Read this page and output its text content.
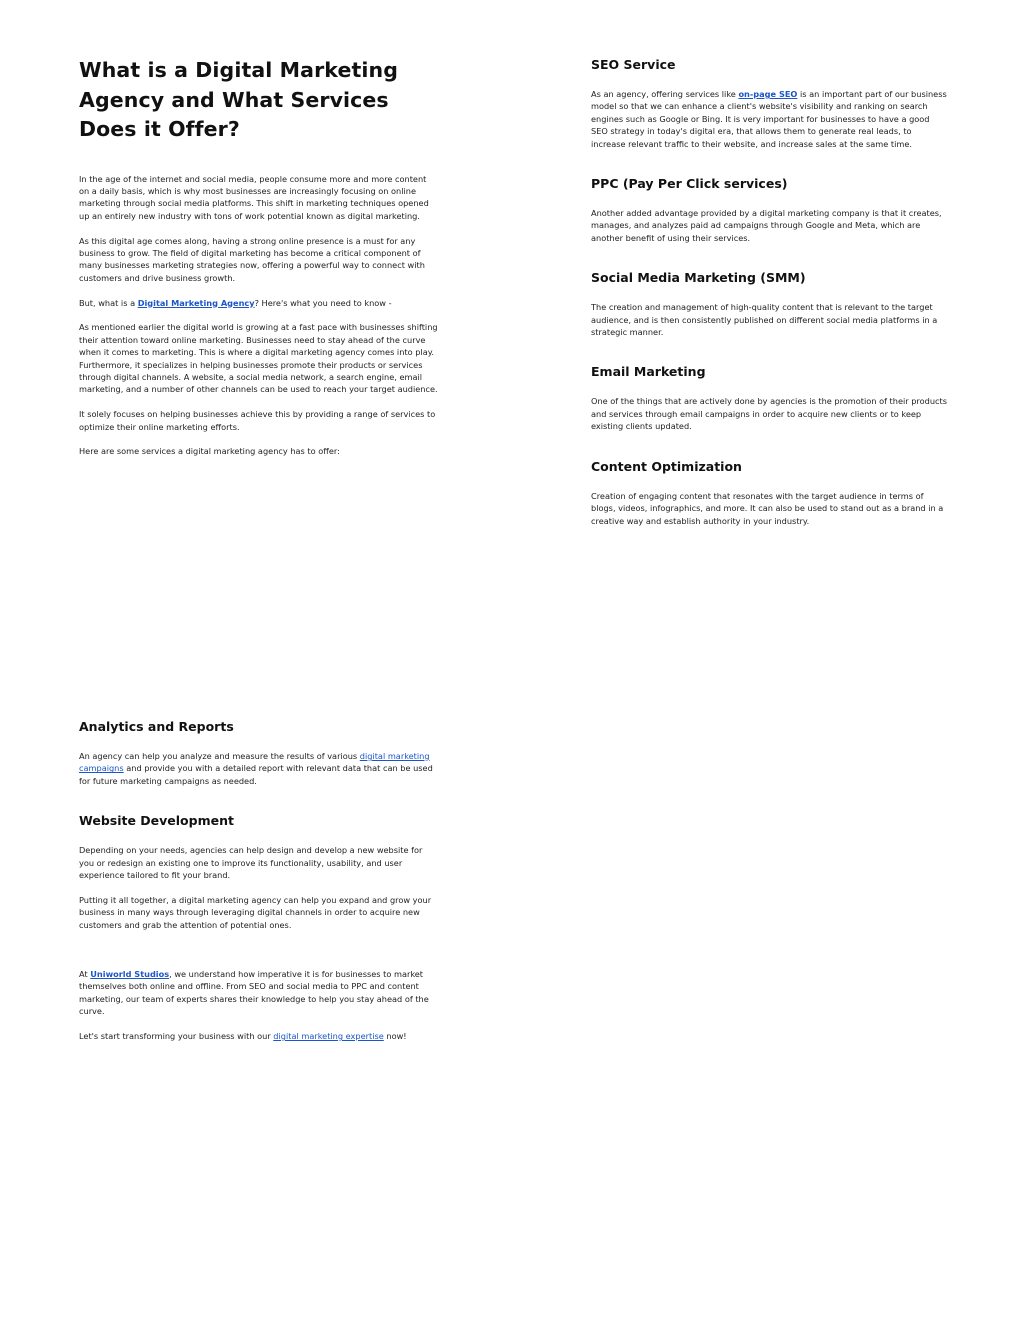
What is a Digital Marketing Agency and What Services Does it Offer?

In the age of the internet and social media, people consume more and more content on a daily basis, which is why most businesses are increasingly focusing on online marketing through social media platforms. This shift in marketing techniques opened up an entirely new industry with tons of work potential known as digital marketing.

As this digital age comes along, having a strong online presence is a must for any business to grow. The field of digital marketing has become a critical component of many businesses marketing strategies now, offering a powerful way to connect with customers and drive business growth.

But, what is a Digital Marketing Agency? Here's what you need to know -

As mentioned earlier the digital world is growing at a fast pace with businesses shifting their attention toward online marketing. Businesses need to stay ahead of the curve when it comes to marketing. This is where a digital marketing agency comes into play. Furthermore, it specializes in helping businesses promote their products or services through digital channels. A website, a social media network, a search engine, email marketing, and a number of other channels can be used to reach your target audience.

It solely focuses on helping businesses achieve this by providing a range of services to optimize their online marketing efforts.

Here are some services a digital marketing agency has to offer:

SEO Service

As an agency, offering services like on-page SEO is an important part of our business model so that we can enhance a client's website's visibility and ranking on search engines such as Google or Bing. It is very important for businesses to have a good SEO strategy in today's digital era, that allows them to generate real leads, to increase relevant traffic to their website, and increase sales at the same time.

PPC (Pay Per Click services)

Another added advantage provided by a digital marketing company is that it creates, manages, and analyzes paid ad campaigns through Google and Meta, which are another benefit of using their services.

Social Media Marketing (SMM)

The creation and management of high-quality content that is relevant to the target audience, and is then consistently published on different social media platforms in a strategic manner.

Email Marketing

One of the things that are actively done by agencies is the promotion of their products and services through email campaigns in order to acquire new clients or to keep existing clients updated.

Content Optimization

Creation of engaging content that resonates with the target audience in terms of blogs, videos, infographics, and more. It can also be used to stand out as a brand in a creative way and establish authority in your industry.

Analytics and Reports

An agency can help you analyze and measure the results of various digital marketing campaigns and provide you with a detailed report with relevant data that can be used for future marketing campaigns as needed.

Website Development

Depending on your needs, agencies can help design and develop a new website for you or redesign an existing one to improve its functionality, usability, and user experience tailored to fit your brand.

Putting it all together, a digital marketing agency can help you expand and grow your business in many ways through leveraging digital channels in order to acquire new customers and grab the attention of potential ones.

At Uniworld Studios, we understand how imperative it is for businesses to market themselves both online and offline. From SEO and social media to PPC and content marketing, our team of experts shares their knowledge to help you stay ahead of the curve.

Let's start transforming your business with our digital marketing expertise now!
